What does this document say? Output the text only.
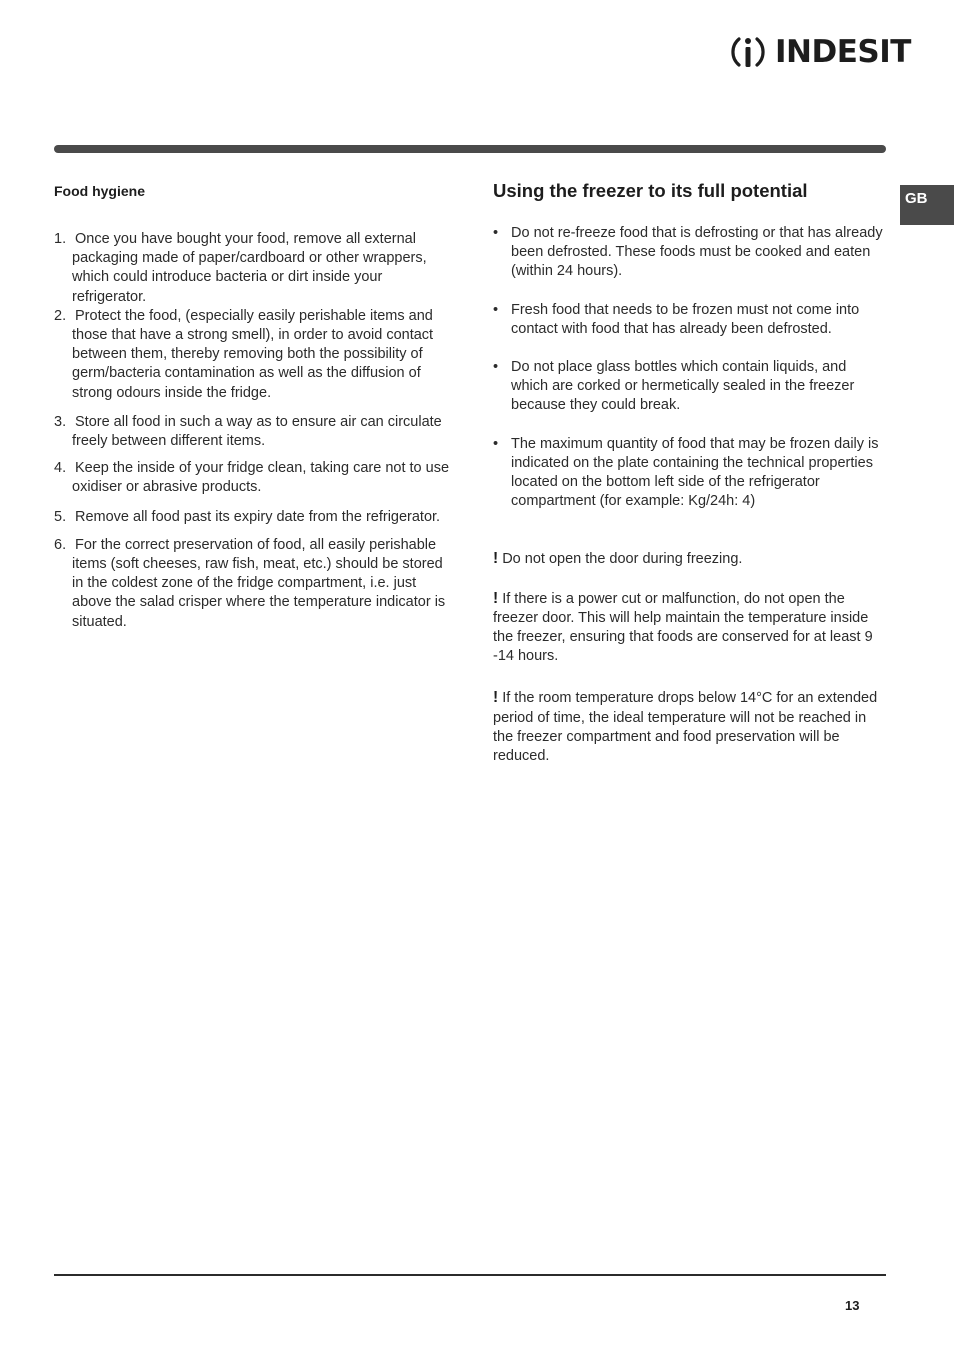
INDESIT
GB
Food hygiene
1. Once you have bought your food, remove all external packaging made of paper/cardboard or other wrappers, which could introduce bacteria or dirt inside your refrigerator.
2. Protect the food, (especially easily perishable items and those that have a strong smell), in order to avoid contact between them, thereby removing both the possibility of germ/bacteria contamination as well as the diffusion of strong odours inside the fridge.
3. Store all food in such a way as to ensure air can circulate freely between different items.
4. Keep the inside of your fridge clean, taking care not to use oxidiser or abrasive products.
5. Remove all food past its expiry date from the refrigerator.
6. For the correct preservation of food, all easily perishable items (soft cheeses, raw fish, meat, etc.) should be stored in the coldest zone of the fridge compartment, i.e. just above the salad crisper where the temperature indicator is situated.
Using the freezer to its full potential
• Do not re-freeze food that is defrosting or that has already been defrosted. These foods must be cooked and eaten (within 24 hours).
• Fresh food that needs to be frozen must not come into contact with food that has already been defrosted.
• Do not place glass bottles which contain liquids, and which are corked or hermetically sealed in the freezer because they could break.
• The maximum quantity of food that may be frozen daily is indicated on the plate containing the technical properties located on the bottom left side of the refrigerator compartment (for example: Kg/24h: 4)

! Do not open the door during freezing.

! If there is a power cut or malfunction, do not open the freezer door. This will help maintain the temperature inside the freezer, ensuring that foods are conserved for at least 9 -14 hours.

! If the room temperature drops below 14°C for an extended period of time, the ideal temperature will not be reached in the freezer compartment and food preservation will be reduced.

13
